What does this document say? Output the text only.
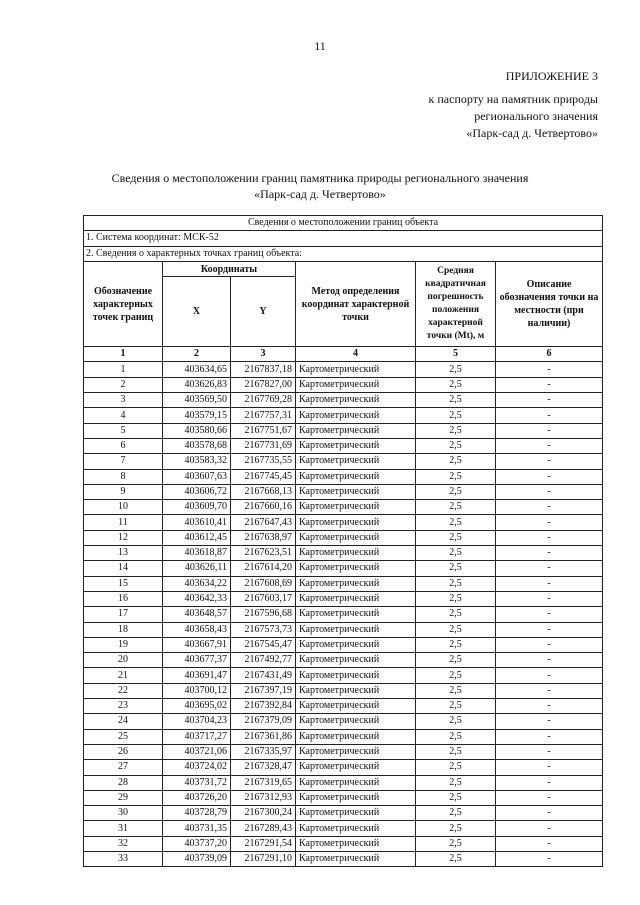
11
ПРИЛОЖЕНИЕ 3
к паспорту на памятник природы
регионального значения
«Парк-сад д. Четвертово»
Сведения о местоположении границ памятника природы регионального значения
«Парк-сад д. Четвертово»
Сведения о местоположении границ объекта					
1. Система координат: МСК-52					
2. Сведения о характерных точках границ объекта:					
Обозначение характерных точек границ	Координаты		Метод определения координат характерной точки	Средняя квадратичная погрешность положения характерной точки (Mt), м	Описание обозначения точки на местности (при наличии)
	X	Y			
1	2	3	4	5	6
1	403634,65	2167837,18	Картометрический	2,5	-
2	403626,83	2167827,00	Картометрический	2,5	-
3	403569,50	2167769,28	Картометрический	2,5	-
4	403579,15	2167757,31	Картометрический	2,5	-
5	403580,66	2167751,67	Картометрический	2,5	-
6	403578,68	2167731,69	Картометрический	2,5	-
7	403583,32	2167735,55	Картометрический	2,5	-
8	403607,63	2167745,45	Картометрический	2,5	-
9	403606,72	2167668,13	Картометрический	2,5	-
10	403609,70	2167660,16	Картометрический	2,5	-
11	403610,41	2167647,43	Картометрический	2,5	-
12	403612,45	2167638,97	Картометрический	2,5	-
13	403618,87	2167623,51	Картометрический	2,5	-
14	403626,11	2167614,20	Картометрический	2,5	-
15	403634,22	2167608,69	Картометрический	2,5	-
16	403642,33	2167603,17	Картометрический	2,5	-
17	403648,57	2167596,68	Картометрический	2,5	-
18	403658,43	2167573,73	Картометрический	2,5	-
19	403667,91	2167545,47	Картометрический	2,5	-
20	403677,37	2167492,77	Картометрический	2,5	-
21	403691,47	2167431,49	Картометрический	2,5	-
22	403700,12	2167397,19	Картометрический	2,5	-
23	403695,02	2167392,84	Картометрический	2,5	-
24	403704,23	2167379,09	Картометрический	2,5	-
25	403717,27	2167361,86	Картометрический	2,5	-
26	403721,06	2167335,97	Картометрический	2,5	-
27	403724,02	2167328,47	Картометрический	2,5	-
28	403731,72	2167319,65	Картометрический	2,5	-
29	403726,20	2167312,93	Картометрический	2,5	-
30	403728,79	2167300,24	Картометрический	2,5	-
31	403731,35	2167289,43	Картометрический	2,5	-
32	403737,20	2167291,54	Картометрический	2,5	-
33	403739,09	2167291,10	Картометрический	2,5	-
